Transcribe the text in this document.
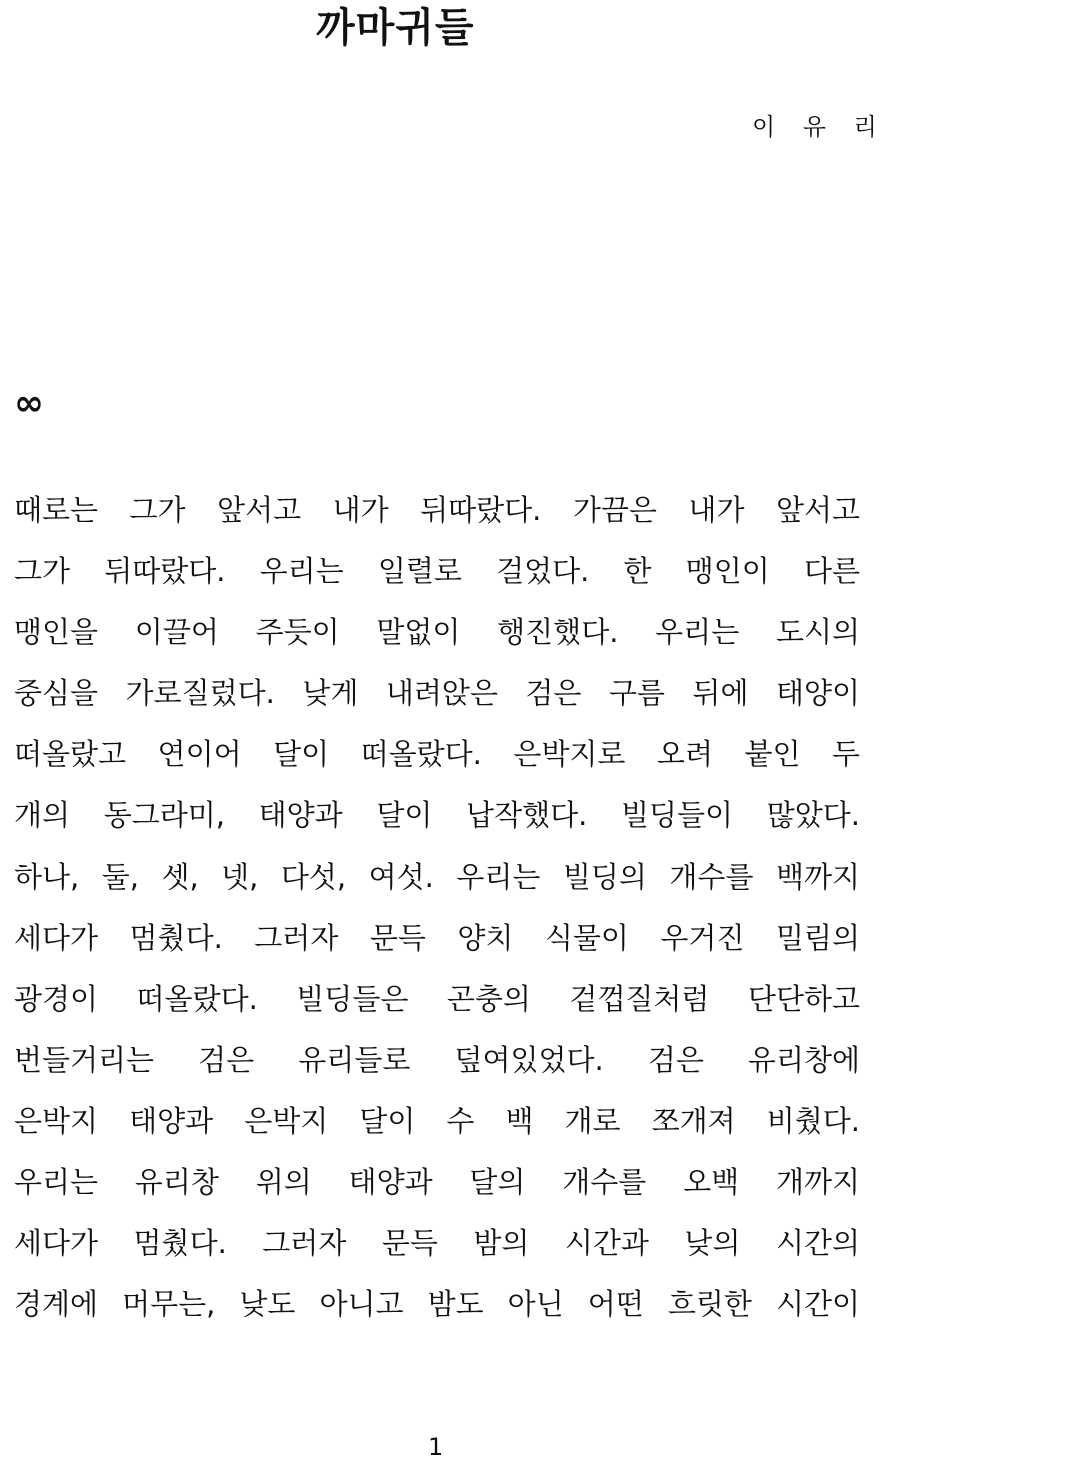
까마귀들
이 유 리
∞
때로는 그가 앞서고 내가 뒤따랐다. 가끔은 내가 앞서고
그가 뒤따랐다. 우리는 일렬로 걸었다. 한 맹인이 다른
맹인을 이끌어 주듯이 말없이 행진했다. 우리는 도시의
중심을 가로질렀다. 낮게 내려앉은 검은 구름 뒤에 태양이
떠올랐고 연이어 달이 떠올랐다. 은박지로 오려 붙인 두
개의 동그라미, 태양과 달이 납작했다. 빌딩들이 많았다.
하나, 둘, 셋, 넷, 다섯, 여섯. 우리는 빌딩의 개수를 백까지
세다가 멈췄다. 그러자 문득 양치 식물이 우거진 밀림의
광경이 떠올랐다. 빌딩들은 곤충의 겉껍질처럼 단단하고
번들거리는 검은 유리들로 덮여있었다. 검은 유리창에
은박지 태양과 은박지 달이 수 백 개로 쪼개져 비췄다.
우리는 유리창 위의 태양과 달의 개수를 오백 개까지
세다가 멈췄다. 그러자 문득 밤의 시간과 낮의 시간의
경계에 머무는, 낮도 아니고 밤도 아닌 어떤 흐릿한 시간이
1
